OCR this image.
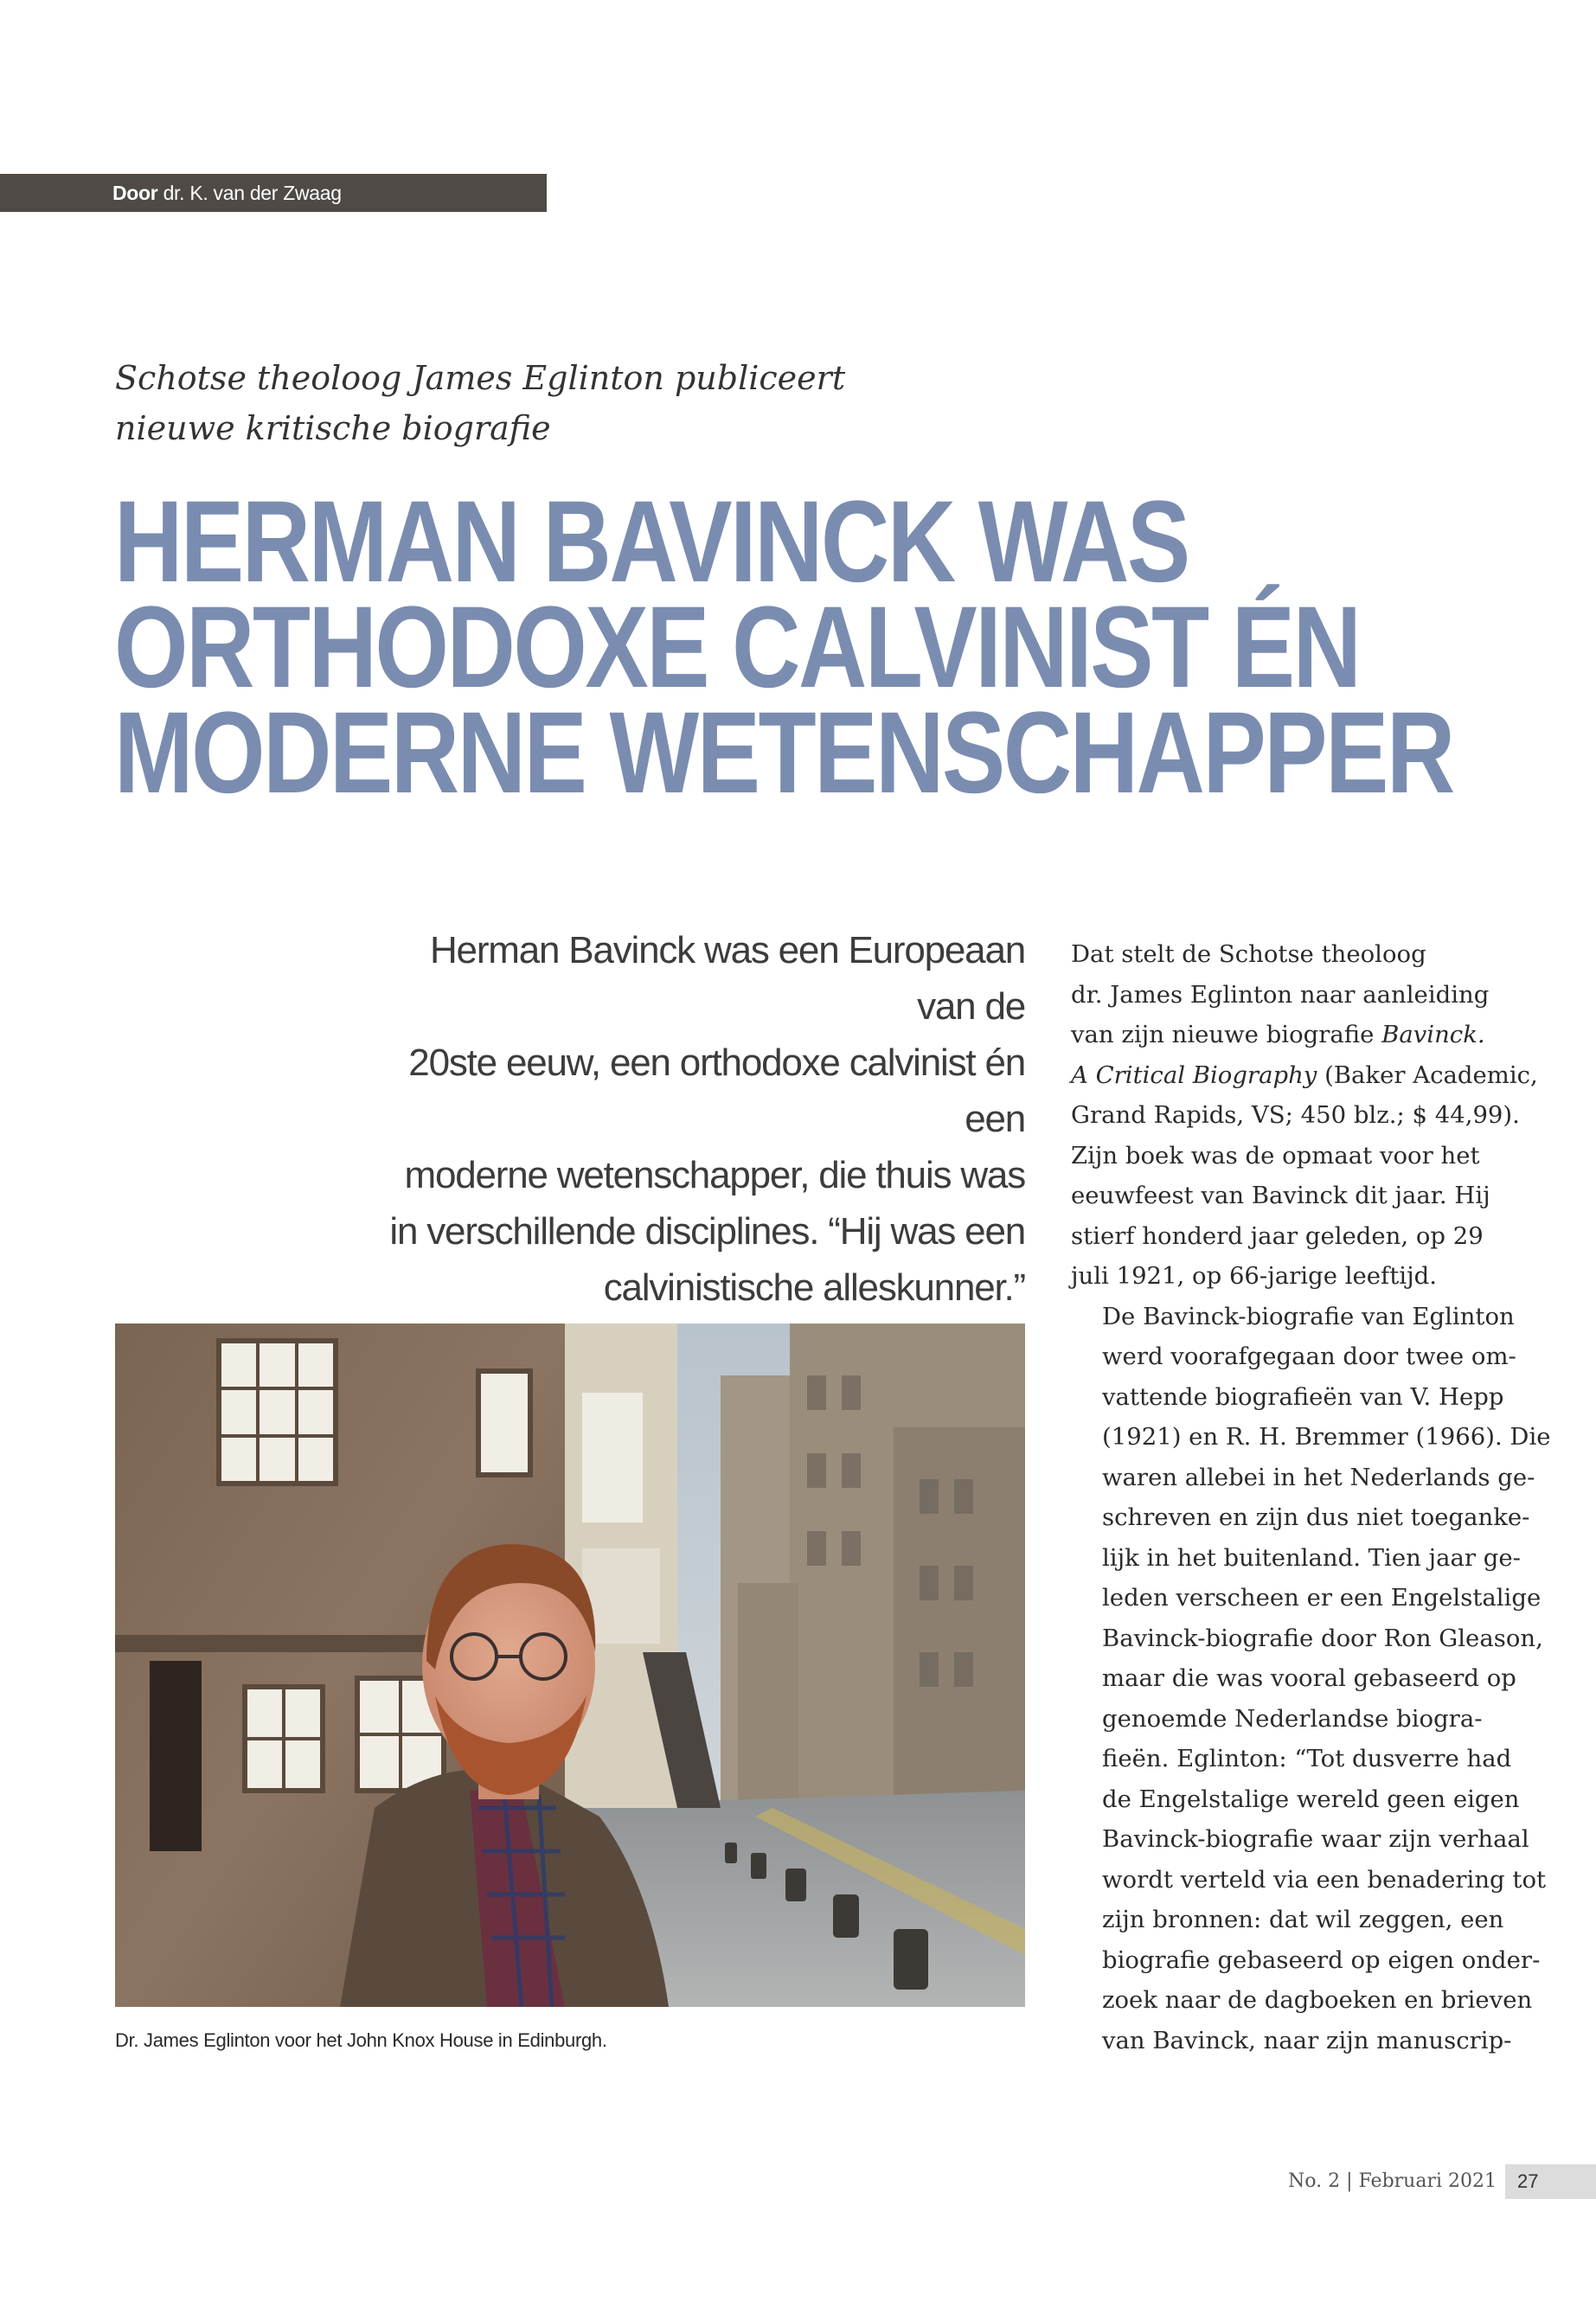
Door dr. K. van der Zwaag
Schotse theoloog James Eglinton publiceert
nieuwe kritische biografie
HERMAN BAVINCK WAS
ORTHODOXE CALVINIST ÉN
MODERNE WETENSCHAPPER
Herman Bavinck was een Europeaan van de
20ste eeuw, een orthodoxe calvinist én een
moderne wetenschapper, die thuis was
in verschillende disciplines. “Hij was een
calvinistische alleskunner.”
Dr. James Eglinton voor het John Knox House in Edinburgh.

Dat stelt de Schotse theoloog
dr. James Eglinton naar aanleiding
van zijn nieuwe biografie Bavinck.
A Critical Biography (Baker Academic,
Grand Rapids, VS; 450 blz.; $ 44,99).
Zijn boek was de opmaat voor het
eeuwfeest van Bavinck dit jaar. Hij
stierf honderd jaar geleden, op 29
juli 1921, op 66-jarige leeftijd.

De Bavinck-biografie van Eglinton
werd voorafgegaan door twee om-
vattende biografieën van V. Hepp
(1921) en R. H. Bremmer (1966). Die
waren allebei in het Nederlands ge-
schreven en zijn dus niet toeganke-
lijk in het buitenland. Tien jaar ge-
leden verscheen er een Engelstalige
Bavinck-biografie door Ron Gleason,
maar die was vooral gebaseerd op
genoemde Nederlandse biogra-
fieën. Eglinton: “Tot dusverre had
de Engelstalige wereld geen eigen
Bavinck-biografie waar zijn verhaal
wordt verteld via een benadering tot
zijn bronnen: dat wil zeggen, een
biografie gebaseerd op eigen onder-
zoek naar de dagboeken en brieven
van Bavinck, naar zijn manuscrip-

No. 2 | Februari 2021	27
